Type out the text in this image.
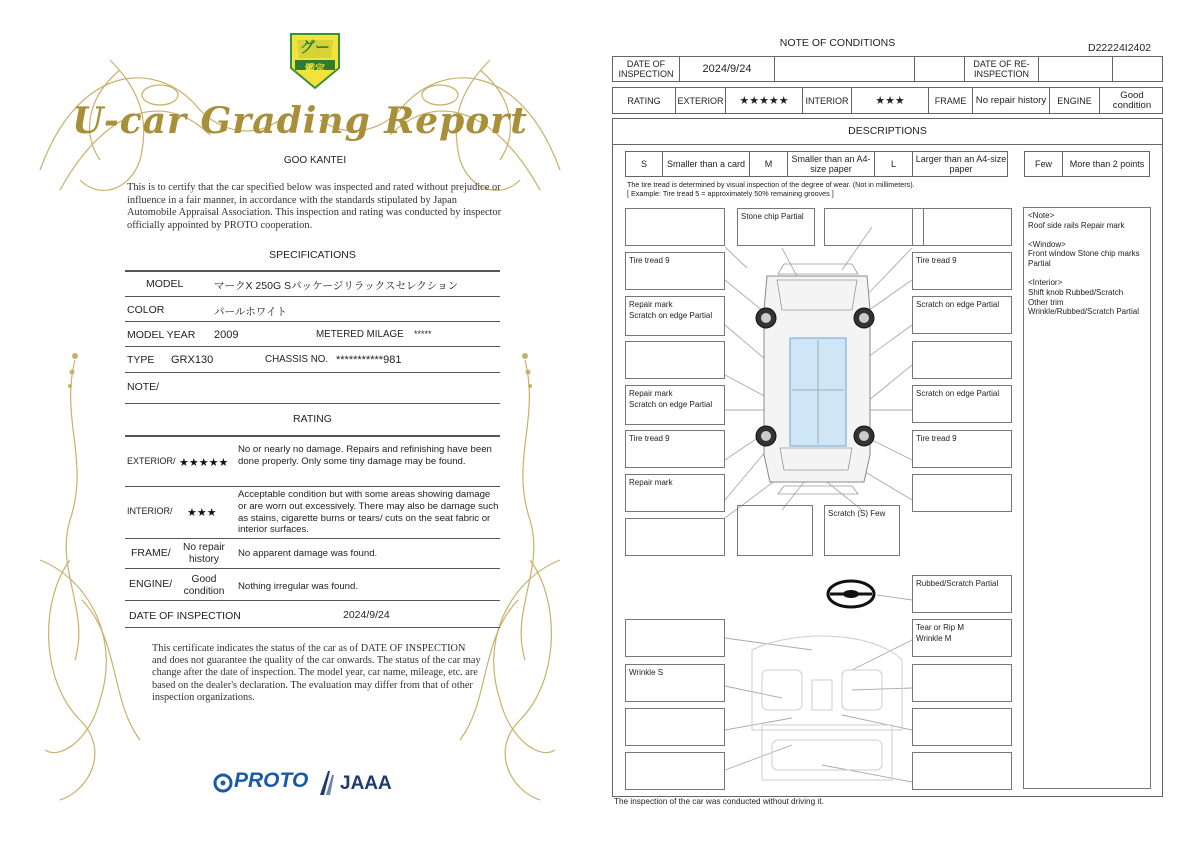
グー
鑑定
U-car Grading Report
GOO KANTEI
This is to certify that the car specified below was inspected and rated without prejudice or influence in a fair manner, in accordance with the standards stipulated by Japan Automobile Appraisal Association. This inspection and rating was conducted by inspector officially appointed by PROTO cooperation.
SPECIFICATIONS
MODEL	マークX 250G Sパッケージリラックスセレクション
COLOR	パールホワイト
MODEL YEAR 2009	METERED MILAGE *****
TYPE GRX130	CHASSIS NO. ***********981
NOTE/
RATING
EXTERIOR/ ★★★★★
No or nearly no damage. Repairs and refinishing have been done properly. Only some tiny damage may be found.
INTERIOR/ ★★★
Acceptable condition but with some areas showing damage or are worn out excessively. There may also be damage such as stains, cigarette burns or tears/ cuts on the seat fabric or interior surfaces.
FRAME/	No repair history	No apparent damage was found.
ENGINE/	Good condition	Nothing irregular was found.
DATE OF INSPECTION	2024/9/24
This certificate indicates the status of the car as of DATE OF INSPECTION and does not guarantee the quality of the car onwards. The status of the car may change after the date of inspection. The model year, car name, mileage, etc. are based on the dealer's declaration. The evaluation may differ from that of other inspection organizations.
PROTO JAAA
NOTE OF CONDITIONS	D22224I2402
DATE OF INSPECTION	2024/9/24	DATE OF RE-INSPECTION
RATING	EXTERIOR	★★★★★	INTERIOR	★★★	FRAME No repair history	ENGINE	Good condition
DESCRIPTIONS
S	Smaller than a card	M	Smaller than an A4-size paper	L	Larger than an A4-size paper	Few	More than 2 points
The tire tread is determined by visual inspection of the degree of wear. (Not in millimeters).
[ Example: Tire tread 5 = approximately 50% remaining grooves ]
Stone chip Partial
Tire tread 9	Tire tread 9
Repair mark
Scratch on edge Partial
Scratch on edge Partial
Repair mark
Scratch on edge Partial
Scratch on edge Partial
Tire tread 9	Tire tread 9
Repair mark
Scratch (S) Few
Rubbed/Scratch Partial
Tear or Rip M
Wrinkle M
Wrinkle S

<Note>
Roof side rails Repair mark

<Window>
Front window Stone chip marks Partial

<Interior>
Shift knob Rubbed/Scratch
Other trim Wrinkle/Rubbed/Scratch Partial

The inspection of the car was conducted without driving it.
